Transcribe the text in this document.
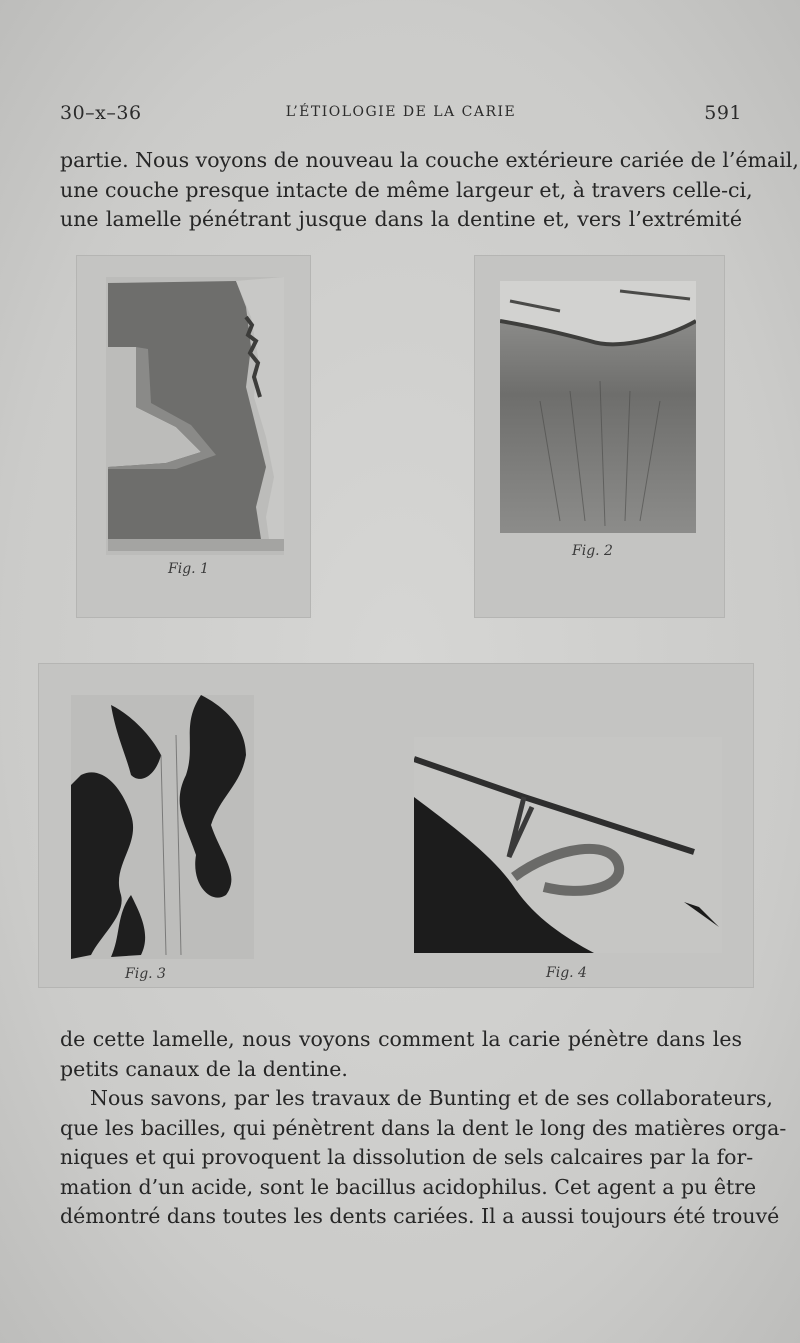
30–x–36	L’ÉTIOLOGIE DE LA CARIE	591
partie. Nous voyons de nouveau la couche extérieure cariée de l’émail,
une couche presque intacte de même largeur et, à travers celle-ci,
une lamelle pénétrant jusque dans la dentine et, vers l’extrémité
Fig. 1
Fig. 2
Fig. 3	Fig. 4
de cette lamelle, nous voyons comment la carie pénètre dans les
petits canaux de la dentine.
Nous savons, par les travaux de Bunting et de ses collaborateurs,
que les bacilles, qui pénètrent dans la dent le long des matières orga-
niques et qui provoquent la dissolution de sels calcaires par la for-
mation d’un acide, sont le bacillus acidophilus. Cet agent a pu être
démontré dans toutes les dents cariées. Il a aussi toujours été trouvé
